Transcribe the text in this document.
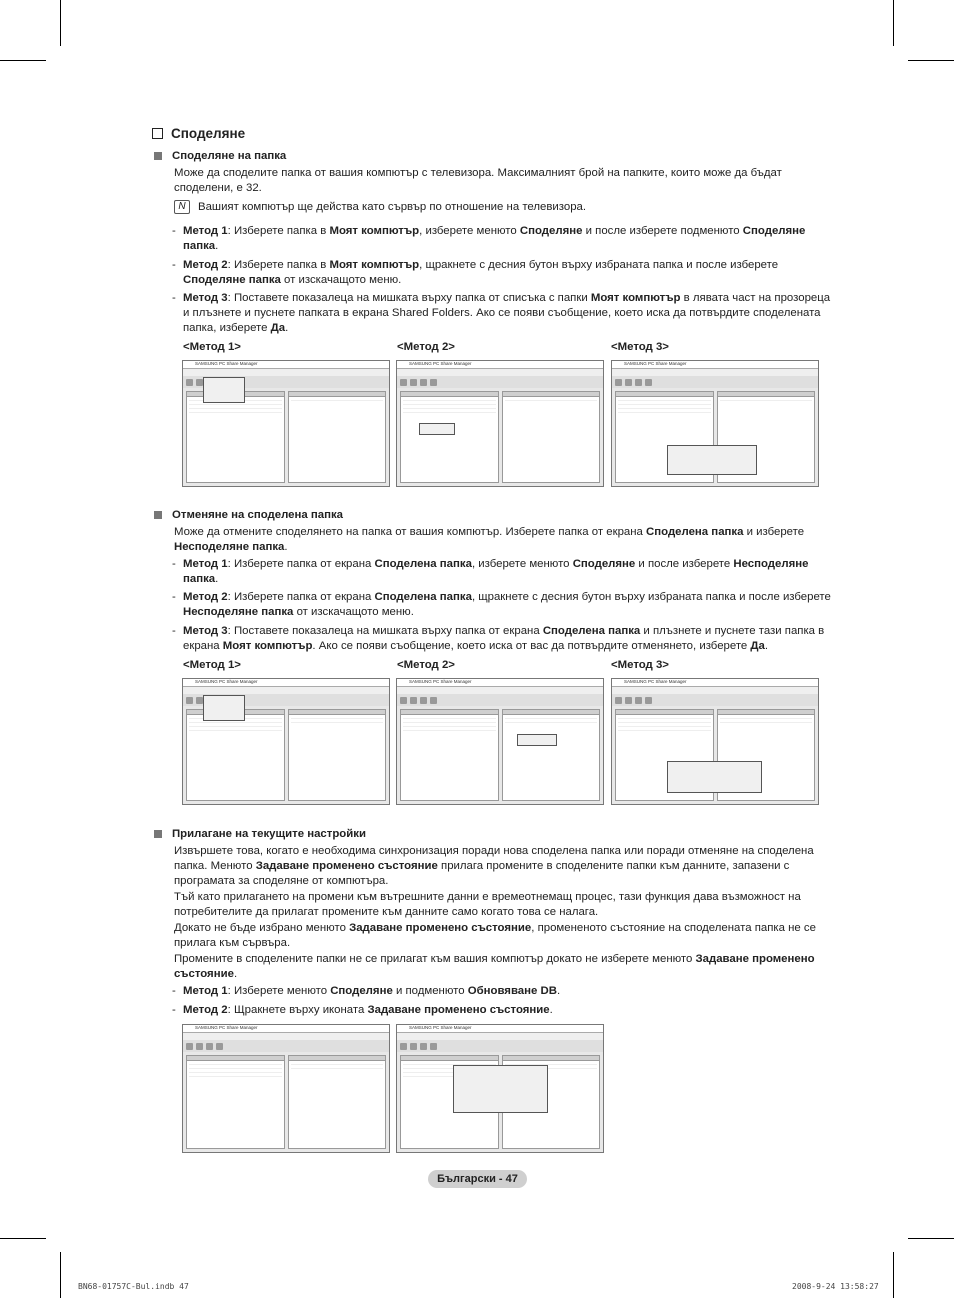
Споделяне
Споделяне на папка
Може да споделите папка от вашия компютър с телевизора. Максималният брой на папките, които може да бъдат споделени, е 32.
N	Вашият компютър ще действа като сървър по отношение на телевизора.
- Метод 1: Изберете папка в Моят компютър, изберете менюто Споделяне и после изберете подменюто Споделяне папка.
- Метод 2: Изберете папка в Моят компютър, щракнете с десния бутон върху избраната папка и после изберете Споделяне папка от изскачащото меню.
- Метод 3: Поставете показалеца на мишката върху папка от списъка с папки Моят компютър в лявата част на прозореца и плъзнете и пуснете папката в екрана Shared Folders. Ако се появи съобщение, което иска да потвърдите споделената папка, изберете Да.
<Метод 1>	<Метод 2>	<Метод 3>
SAMSUNG PC Share Manager	SAMSUNG PC Share Manager	SAMSUNG PC Share Manager
Отменяне на споделена папка
Може да отмените споделянето на папка от вашия компютър. Изберете папка от екрана Споделена папка и изберете Несподеляне папка.
- Метод 1: Изберете папка от екрана Споделена папка, изберете менюто Споделяне и после изберете Несподеляне папка.
- Метод 2: Изберете папка от екрана Споделена папка, щракнете с десния бутон върху избраната папка и после изберете Несподеляне папка от изскачащото меню.
- Метод 3: Поставете показалеца на мишката върху папка от екрана Споделена папка и плъзнете и пуснете тази папка в екрана Моят компютър. Ако се появи съобщение, което иска от вас да потвърдите отменянето, изберете Да.
<Метод 1>	<Метод 2>	<Метод 3>
SAMSUNG PC Share Manager	SAMSUNG PC Share Manager	SAMSUNG PC Share Manager
Прилагане на текущите настройки
Извършете това, когато е необходима синхронизация поради нова споделена папка или поради отменяне на споделена папка. Менюто Задаване променено състояние прилага промените в споделените папки към данните, запазени с програмата за споделяне от компютъра.
Тъй като прилагането на промени към вътрешните данни е времеотнемащ процес, тази функция дава възможност на потребителите да прилагат промените към данните само когато това се налага.
Докато не бъде избрано менюто Задаване променено състояние, промененото състояние на споделената папка не се прилага към сървъра.
Промените в споделените папки не се прилагат към вашия компютър докато не изберете менюто Задаване променено състояние.
- Метод 1: Изберете менюто Споделяне и подменюто Обновяване DB.
- Метод 2: Щракнете върху иконата Задаване променено състояние.
SAMSUNG PC Share Manager	SAMSUNG PC Share Manager
Български - 47
BN68-01757C-Bul.indb 47	2008-9-24 13:58:27
